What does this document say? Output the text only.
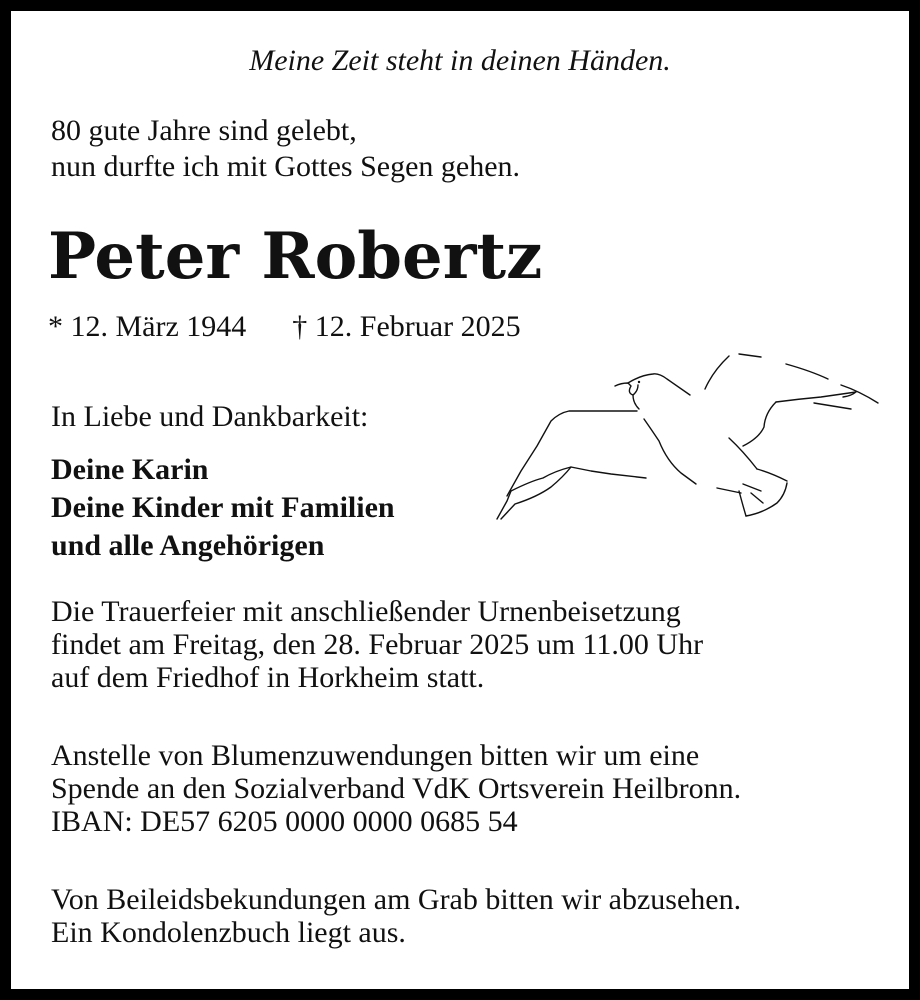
Meine Zeit steht in deinen Händen.
80 gute Jahre sind gelebt,
nun durfte ich mit Gottes Segen gehen.
Peter Robertz
* 12. März 1944 † 12. Februar 2025
In Liebe und Dankbarkeit:
Deine Karin
Deine Kinder mit Familien
und alle Angehörigen
Die Trauerfeier mit anschließender Urnenbeisetzung
findet am Freitag, den 28. Februar 2025 um 11.00 Uhr
auf dem Friedhof in Horkheim statt.
Anstelle von Blumenzuwendungen bitten wir um eine
Spende an den Sozialverband VdK Ortsverein Heilbronn.
IBAN: DE57 6205 0000 0000 0685 54
Von Beileidsbekundungen am Grab bitten wir abzusehen.
Ein Kondolenzbuch liegt aus.
